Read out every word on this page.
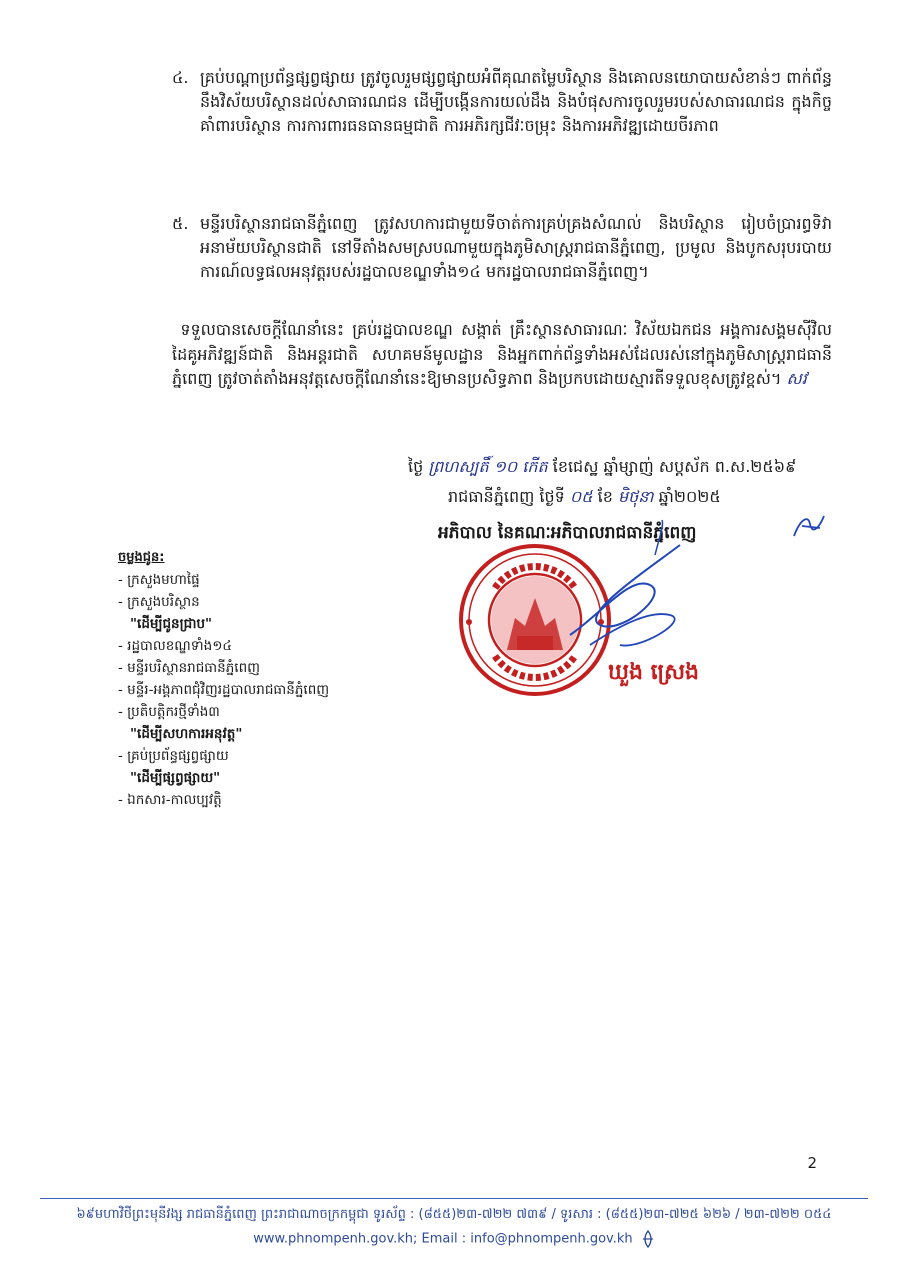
៤. គ្រប់បណ្តាប្រព័ន្ធផ្សព្វផ្សាយ ត្រូវចូលរួមផ្សព្វផ្សាយអំពីគុណតម្លៃបរិស្ថាន និងគោលនយោបាយសំខាន់ៗ ពាក់ព័ន្ធនឹងវិស័យបរិស្ថានដល់សាធារណជន ដើម្បីបង្កើនការយល់ដឹង និងបំផុសការចូលរួមរបស់សាធារណជន ក្នុងកិច្ចគាំពារបរិស្ថាន ការការពារធនធានធម្មជាតិ ការអភិរក្សជីវៈចម្រុះ និងការអភិវឌ្ឍដោយចីរភាព
៥. មន្ទីរបរិស្ថានរាជធានីភ្នំពេញ ត្រូវសហការជាមួយទីចាត់ការគ្រប់គ្រងសំណល់ និងបរិស្ថាន រៀបចំប្រារព្ធទិវាអនាម័យបរិស្ថានជាតិ នៅទីតាំងសមស្របណាមួយក្នុងភូមិសាស្ត្ររាជធានីភ្នំពេញ, ប្រមូល និងបូកសរុបរបាយការណ៍លទ្ធផលអនុវត្តរបស់រដ្ឋបាលខណ្ឌទាំង១៤ មករដ្ឋបាលរាជធានីភ្នំពេញ។
ទទួលបានសេចក្តីណែនាំនេះ គ្រប់រដ្ឋបាលខណ្ឌ សង្កាត់ គ្រឹះស្ថានសាធារណៈ វិស័យឯកជន អង្គការសង្គមស៊ីវិល ដៃគូអភិវឌ្ឍន៍ជាតិ និងអន្តរជាតិ សហគមន៍មូលដ្ឋាន និងអ្នកពាក់ព័ន្ធទាំងអស់ដែលរស់នៅក្នុងភូមិសាស្ត្ររាជធានីភ្នំពេញ ត្រូវចាត់តាំងអនុវត្តសេចក្តីណែនាំនេះឱ្យមានប្រសិទ្ធភាព និងប្រកបដោយស្មារតីទទួលខុសត្រូវខ្ពស់។ សវ
ថ្ងៃ ព្រហស្បតិ៍ ១០ កើត ខែជេស្ឋ ឆ្នាំម្សាញ់ សប្តស័ក ព.ស.២៥៦៩
រាជធានីភ្នំពេញ ថ្ងៃទី ០៥ ខែ មិថុនា ឆ្នាំ២០២៥
អភិបាល នៃគណៈអភិបាលរាជធានីភ្នំពេញ
ឃួង ស្រេង
ចម្លងជូន:
- ក្រសួងមហាផ្ទៃ
- ក្រសួងបរិស្ថាន
"ដើម្បីជូនជ្រាប"
- រដ្ឋបាលខណ្ឌទាំង១៤
- មន្ទីរបរិស្ថានរាជធានីភ្នំពេញ
- មន្ទីរ-អង្គភាពជុំវិញរដ្ឋបាលរាជធានីភ្នំពេញ
- ប្រតិបត្តិករថ្មីទាំង៣
"ដើម្បីសហការអនុវត្ត"
- គ្រប់ប្រព័ន្ធផ្សព្វផ្សាយ
"ដើម្បីផ្សព្វផ្សាយ"
- ឯកសារ-កាលប្បវត្តិ
2
៦៩មហាវិថីព្រះមុនីវង្ស រាជធានីភ្នំពេញ ព្រះរាជាណាចក្រកម្ពុជា ទូរស័ព្ទ : (៨៥៥)២៣-៧២២ ៧៣៩ / ទូរសារ : (៨៥៥)២៣-៧២៥ ៦២៦ / ២៣-៧២២ ០៥៤
www.phnompenh.gov.kh; Email : info@phnompenh.gov.kh
